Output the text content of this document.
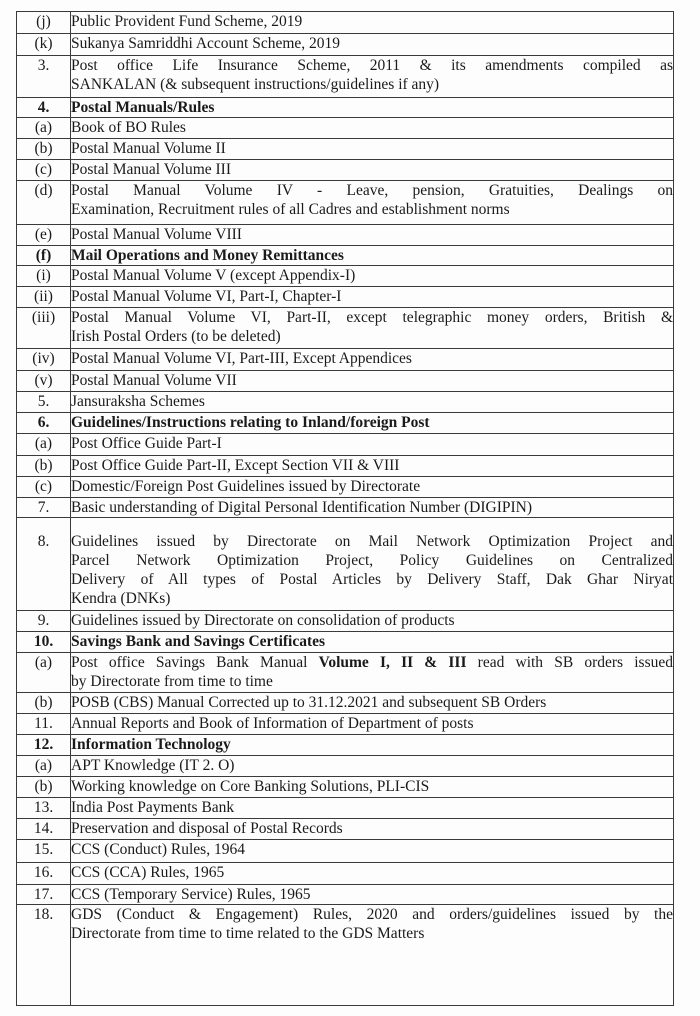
(j)	Public Provident Fund Scheme, 2019

(k)	Sukanya Samriddhi Account Scheme, 2019

3.	Post office Life Insurance Scheme, 2011 & its amendments compiled as
SANKALAN (& subsequent instructions/guidelines if any)

4.	Postal Manuals/Rules

(a)	Book of BO Rules

(b)	Postal Manual Volume II

(c)	Postal Manual Volume III

(d)	Postal Manual Volume IV - Leave, pension, Gratuities, Dealings on
Examination, Recruitment rules of all Cadres and establishment norms

(e)	Postal Manual Volume VIII

(f)	Mail Operations and Money Remittances

(i)	Postal Manual Volume V (except Appendix-I)

(ii)	Postal Manual Volume VI, Part-I, Chapter-I

(iii)	Postal Manual Volume VI, Part-II, except telegraphic money orders, British &
Irish Postal Orders (to be deleted)

(iv)	Postal Manual Volume VI, Part-III, Except Appendices

(v)	Postal Manual Volume VII

5.	Jansuraksha Schemes

6.	Guidelines/Instructions relating to Inland/foreign Post

(a)	Post Office Guide Part-I

(b)	Post Office Guide Part-II, Except Section VII & VIII

(c)	Domestic/Foreign Post Guidelines issued by Directorate

7.	Basic understanding of Digital Personal Identification Number (DIGIPIN)

8.	Guidelines issued by Directorate on Mail Network Optimization Project and
Parcel Network Optimization Project, Policy Guidelines on Centralized
Delivery of All types of Postal Articles by Delivery Staff, Dak Ghar Niryat
Kendra (DNKs)

9.	Guidelines issued by Directorate on consolidation of products

10.	Savings Bank and Savings Certificates

(a)	Post office Savings Bank Manual Volume I, II & III read with SB orders issued
by Directorate from time to time

(b)	POSB (CBS) Manual Corrected up to 31.12.2021 and subsequent SB Orders

11.	Annual Reports and Book of Information of Department of posts

12.	Information Technology

(a)	APT Knowledge (IT 2. O)

(b)	Working knowledge on Core Banking Solutions, PLI-CIS

13.	India Post Payments Bank

14.	Preservation and disposal of Postal Records

15.	CCS (Conduct) Rules, 1964

16.	CCS (CCA) Rules, 1965

17.	CCS (Temporary Service) Rules, 1965

18.	GDS (Conduct & Engagement) Rules, 2020 and orders/guidelines issued by the
Directorate from time to time related to the GDS Matters
